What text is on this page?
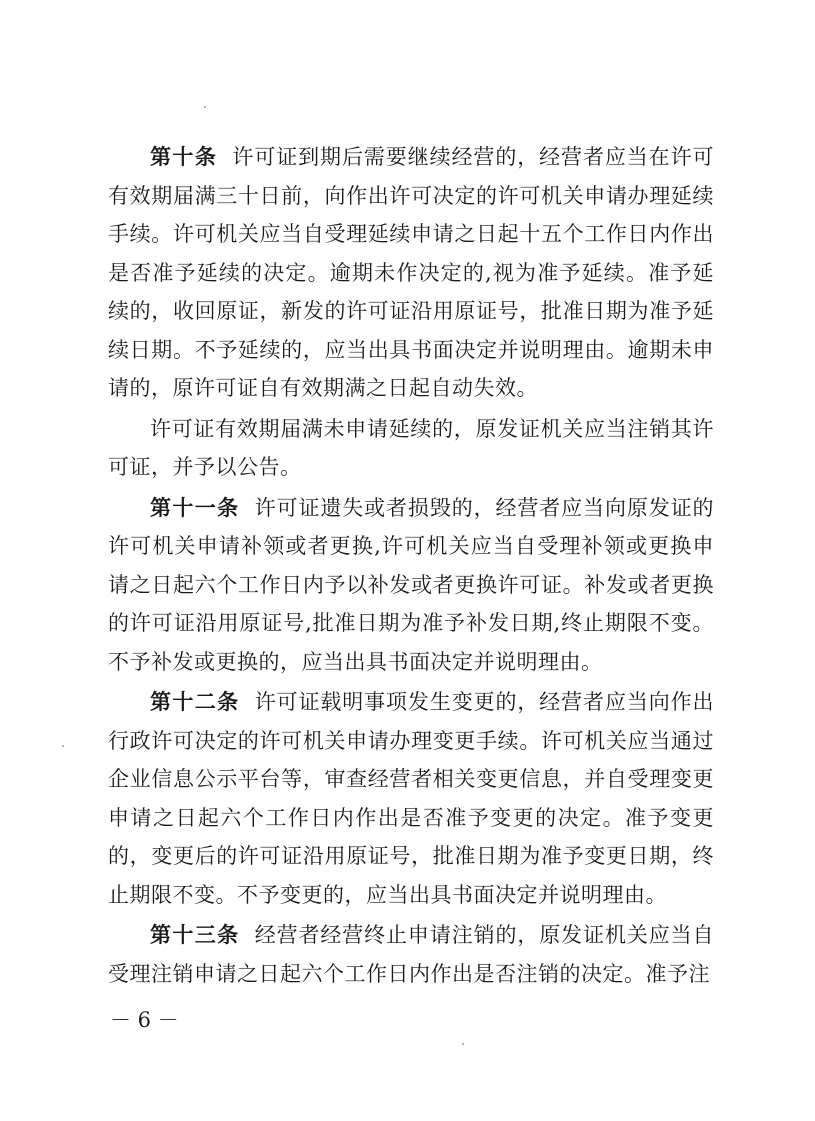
第十条 许可证到期后需要继续经营的，经营者应当在许可有效期届满三十日前，向作出许可决定的许可机关申请办理延续手续。许可机关应当自受理延续申请之日起十五个工作日内作出是否准予延续的决定。逾期未作决定的,视为准予延续。准予延续的，收回原证，新发的许可证沿用原证号，批准日期为准予延续日期。不予延续的，应当出具书面决定并说明理由。逾期未申请的，原许可证自有效期满之日起自动失效。

许可证有效期届满未申请延续的，原发证机关应当注销其许可证，并予以公告。

第十一条 许可证遗失或者损毁的，经营者应当向原发证的许可机关申请补领或者更换,许可机关应当自受理补领或更换申请之日起六个工作日内予以补发或者更换许可证。补发或者更换的许可证沿用原证号,批准日期为准予补发日期,终止期限不变。不予补发或更换的，应当出具书面决定并说明理由。

第十二条 许可证载明事项发生变更的，经营者应当向作出行政许可决定的许可机关申请办理变更手续。许可机关应当通过企业信息公示平台等，审查经营者相关变更信息，并自受理变更申请之日起六个工作日内作出是否准予变更的决定。准予变更的，变更后的许可证沿用原证号，批准日期为准予变更日期，终止期限不变。不予变更的，应当出具书面决定并说明理由。

第十三条 经营者经营终止申请注销的，原发证机关应当自受理注销申请之日起六个工作日内作出是否注销的决定。准予注

－ 6 －
